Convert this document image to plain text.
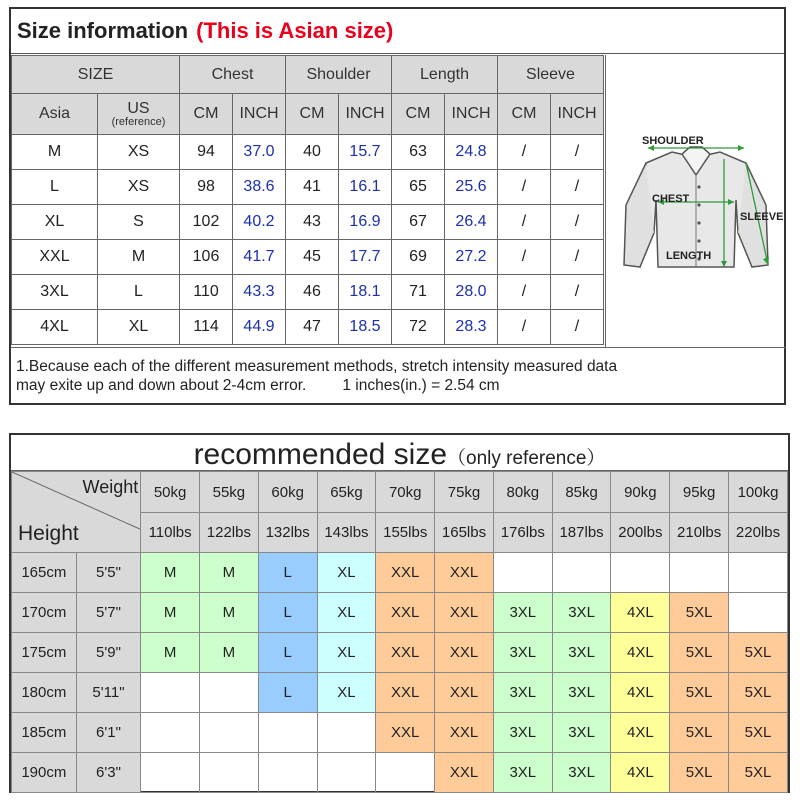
Size information (This is Asian size)
SIZE		Chest		Shoulder		Length		Sleeve	
Asia	US
(reference)	CM	INCH	CM	INCH	CM	INCH	CM	INCH
M	XS	94	37.0	40	15.7	63	24.8	/	/
L	XS	98	38.6	41	16.1	65	25.6	/	/
XL	S	102	40.2	43	16.9	67	26.4	/	/
XXL	M	106	41.7	45	17.7	69	27.2	/	/
3XL	L	110	43.3	46	18.1	71	28.0	/	/
4XL	XL	114	44.9	47	18.5	72	28.3	/	/
SHOULDER
CHEST
SLEEVE
LENGTH
1.Because each of the different measurement methods, stretch intensity measured data
may exite up and down about 2-4cm error. 1 inches(in.) = 2.54 cm
recommended size（only reference）
Weight
Height		50kg	55kg	60kg	65kg	70kg	75kg	80kg	85kg	90kg	95kg	100kg
		110lbs	122lbs	132lbs	143lbs	155lbs	165lbs	176lbs	187lbs	200lbs	210lbs	220lbs
165cm	5'5"	M	M	L	XL	XXL	XXL					
170cm	5'7"	M	M	L	XL	XXL	XXL	3XL	3XL	4XL	5XL	
175cm	5'9"	M	M	L	XL	XXL	XXL	3XL	3XL	4XL	5XL	5XL
180cm	5'11"			L	XL	XXL	XXL	3XL	3XL	4XL	5XL	5XL
185cm	6'1"					XXL	XXL	3XL	3XL	4XL	5XL	5XL
190cm	6'3"						XXL	3XL	3XL	4XL	5XL	5XL
